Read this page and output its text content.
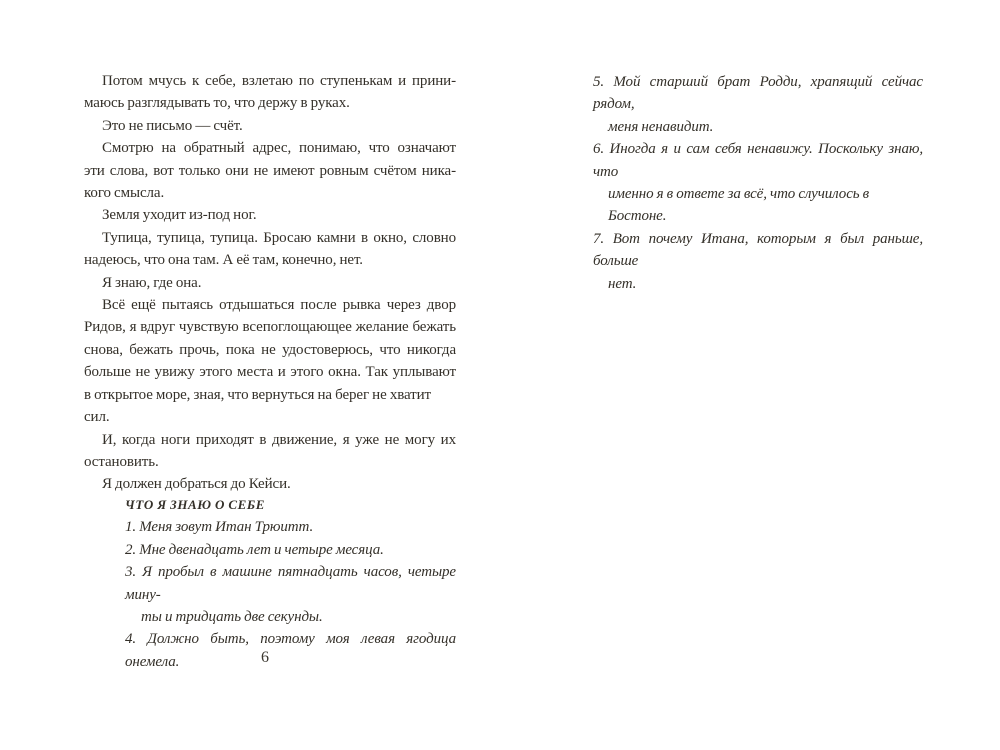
Потом мчусь к себе, взлетаю по ступенькам и прини-
маюсь разглядывать то, что держу в руках.
Это не письмо — счёт.
Смотрю на обратный адрес, понимаю, что означают
эти слова, вот только они не имеют ровным счётом ника-
кого смысла.
Земля уходит из-под ног.
Тупица, тупица, тупица. Бросаю камни в окно, словно
надеюсь, что она там. А её там, конечно, нет.
Я знаю, где она.
Всё ещё пытаясь отдышаться после рывка через двор
Ридов, я вдруг чувствую всепоглощающее желание бежать
снова, бежать прочь, пока не удостоверюсь, что никогда
больше не увижу этого места и этого окна. Так уплывают
в открытое море, зная, что вернуться на берег не хватит сил.
И, когда ноги приходят в движение, я уже не могу их
остановить.
Я должен добраться до Кейси.
ЧТО Я ЗНАЮ О СЕБЕ
1. Меня зовут Итан Трюитт.
2. Мне двенадцать лет и четыре месяца.
3. Я пробыл в машине пятнадцать часов, четыре мину-
ты и тридцать две секунды.
4. Должно быть, поэтому моя левая ягодица онемела.	6
5. Мой старший брат Родди, храпящий сейчас рядом,
меня ненавидит.
6. Иногда я и сам себя ненавижу. Поскольку знаю, что
именно я в ответе за всё, что случилось в Бостоне.
7. Вот почему Итана, которым я был раньше, больше
нет.
